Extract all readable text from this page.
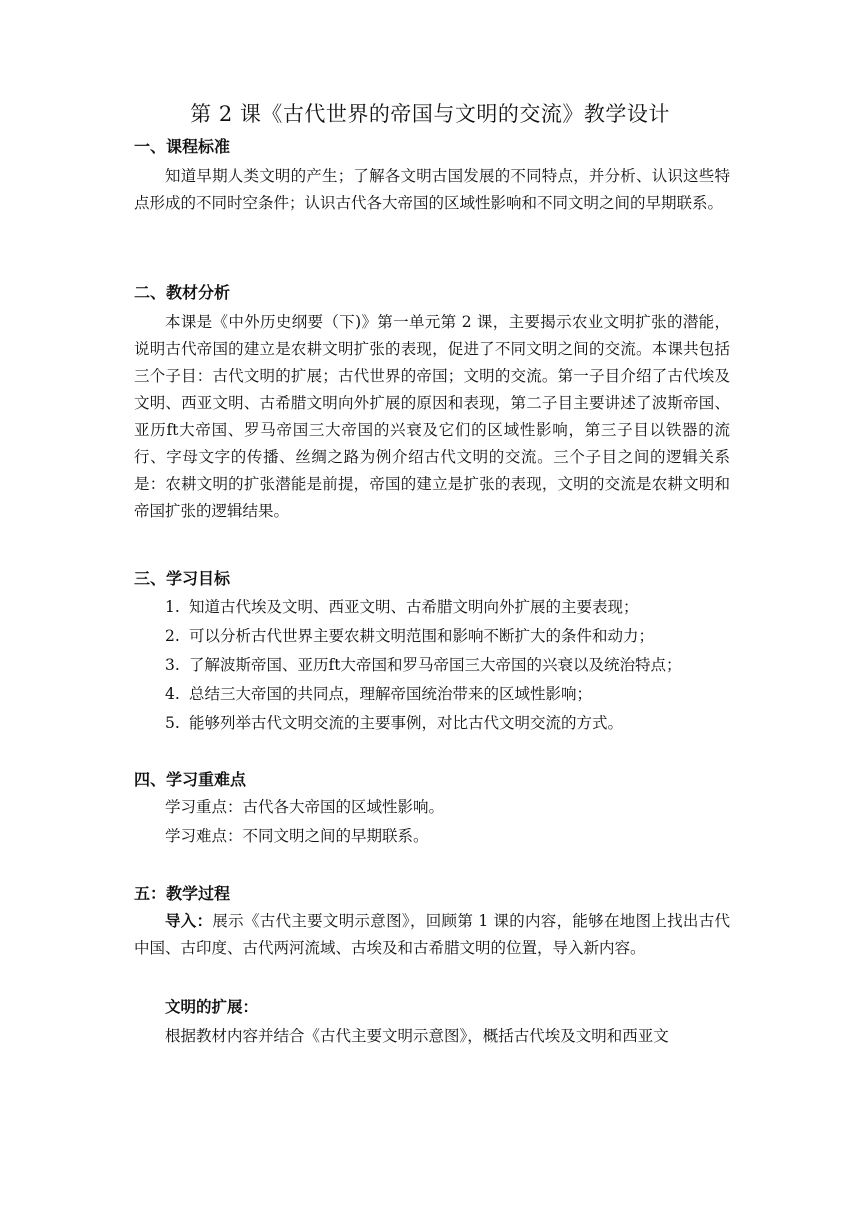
第 2 课《古代世界的帝国与文明的交流》教学设计
一、课程标准

知道早期人类文明的产生；了解各文明古国发展的不同特点，并分析、认识这些特点形成的不同时空条件；认识古代各大帝国的区域性影响和不同文明之间的早期联系。

二、教材分析

本课是《中外历史纲要（下)》第一单元第 2 课，主要揭示农业文明扩张的潜能，说明古代帝国的建立是农耕文明扩张的表现，促进了不同文明之间的交流。本课共包括三个子目：古代文明的扩展；古代世界的帝国；文明的交流。第一子目介绍了古代埃及文明、西亚文明、古希腊文明向外扩展的原因和表现，第二子目主要讲述了波斯帝国、亚历ft大帝国、罗马帝国三大帝国的兴衰及它们的区域性影响，第三子目以铁器的流行、字母文字的传播、丝绸之路为例介绍古代文明的交流。三个子目之间的逻辑关系是：农耕文明的扩张潜能是前提，帝国的建立是扩张的表现，文明的交流是农耕文明和帝国扩张的逻辑结果。

三、学习目标
1. 知道古代埃及文明、西亚文明、古希腊文明向外扩展的主要表现；
2. 可以分析古代世界主要农耕文明范围和影响不断扩大的条件和动力；
3. 了解波斯帝国、亚历ft大帝国和罗马帝国三大帝国的兴衰以及统治特点；
4. 总结三大帝国的共同点，理解帝国统治带来的区域性影响；
5. 能够列举古代文明交流的主要事例，对比古代文明交流的方式。
四、学习重难点
学习重点：古代各大帝国的区域性影响。
学习难点：不同文明之间的早期联系。
五：教学过程

导入：展示《古代主要文明示意图》，回顾第 1 课的内容，能够在地图上找出古代中国、古印度、古代两河流域、古埃及和古希腊文明的位置，导入新内容。

文明的扩展：

根据教材内容并结合《古代主要文明示意图》，概括古代埃及文明和西亚文
